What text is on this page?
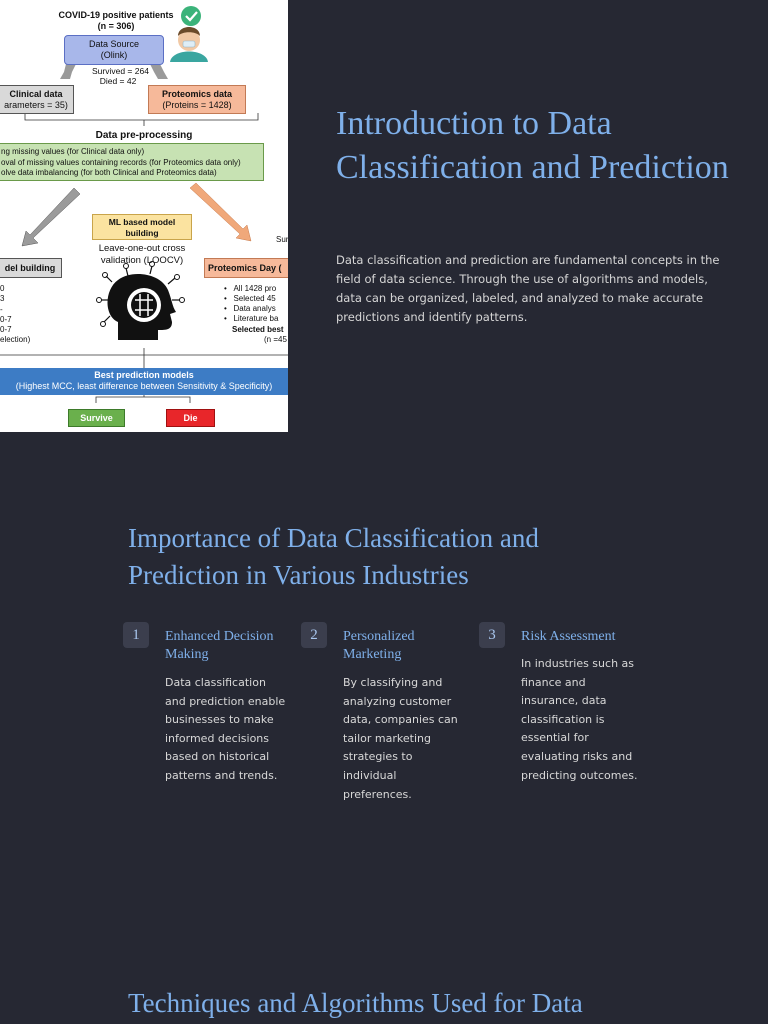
COVID-19 positive patients
(n = 306)
Data Source
(Olink)
Survived = 264
Died = 42
Clinical data
arameters = 35)
Proteomics data
(Proteins = 1428)
Data pre-processing
ng missing values (for Clinical data only)
oval of missing values containing records (for Proteomics data only)
olve data imbalancing (for both Clinical and Proteomics data)
ML based model
building
Leave-one-out cross
validation (LOOCV)
Sur
del building	Proteomics Day (
0
3
-
0-7
0-7
election)
•   All 1428 pro
•   Selected 45
•   Data analys
•   Literature ba
Selected best
(n =45
Best prediction models
(Highest MCC, least difference between Sensitivity & Specificity)
Survive	Die
Introduction to Data Classification and Prediction

Data classification and prediction are fundamental concepts in the field of data science. Through the use of algorithms and models, data can be organized, labeled, and analyzed to make accurate predictions and identify patterns.

Importance of Data Classification and Prediction in Various Industries
1	Enhanced Decision Making

Data classification and prediction enable businesses to make informed decisions based on historical patterns and trends.

2	Personalized Marketing

By classifying and analyzing customer data, companies can tailor marketing strategies to individual preferences.

3	Risk Assessment

In industries such as finance and insurance, data classification is essential for evaluating risks and predicting outcomes.

Techniques and Algorithms Used for Data
